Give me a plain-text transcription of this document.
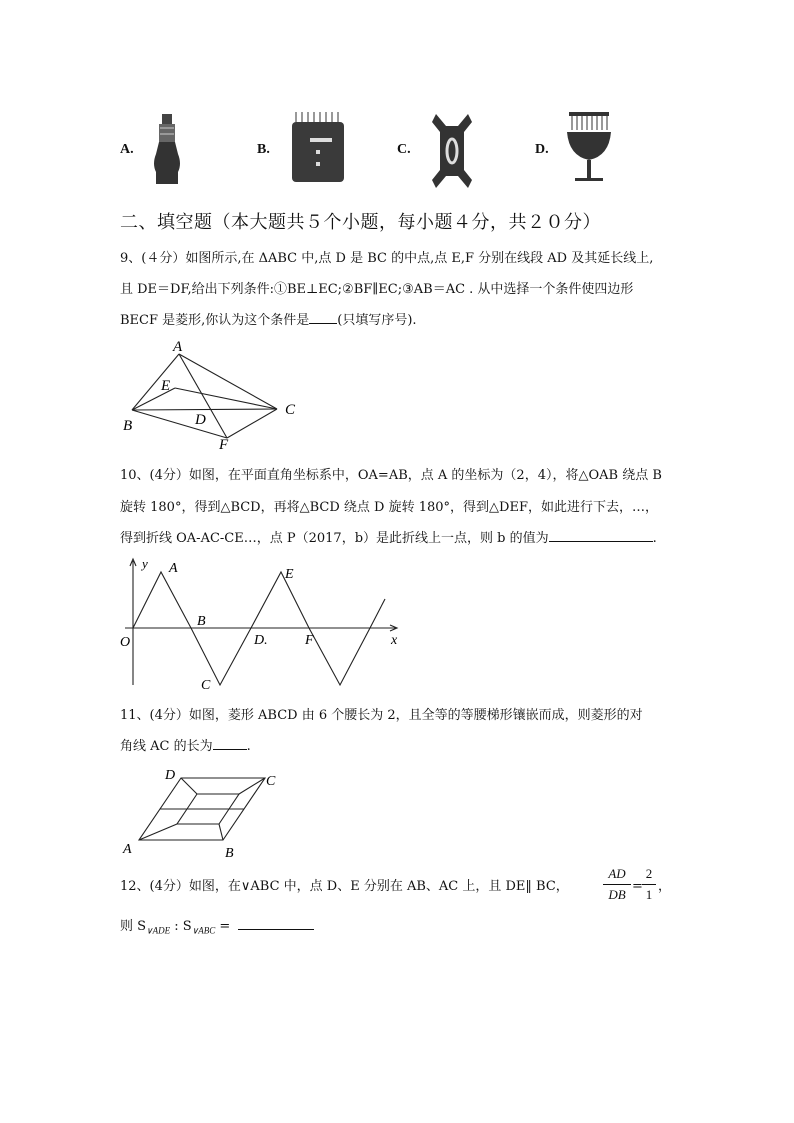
A.	B.	C.	D.
二、填空题（本大题共５个小题，每小题４分，共２０分）
9、(４分）如图所示,在 ΔABC 中,点 D 是 BC 的中点,点 E,F 分别在线段 AD 及其延长线上,
且 DE＝DF,给出下列条件:①BE⊥EC;②BF∥EC;③AB＝AC . 从中选择一个条件使四边形
BECF 是菱形,你认为这个条件是 (只填写序号).
A
E
C
B	D
F
10、(4分）如图，在平面直角坐标系中，OA=AB，点 A 的坐标为（2，4），将△OAB 绕点 B
旋转 180°，得到△BCD，再将△BCD 绕点 D 旋转 180°，得到△DEF，如此进行下去，…，
得到折线 OA-AC-CE…，点 P（2017，b）是此折线上一点，则 b 的值为	.
y A	E
O
B
D.	F	x
C
11、(4分）如图，菱形 ABCD 由 6 个腰长为 2，且全等的等腰梯形镶嵌而成，则菱形的对
角线 AC 的长为	.
D	C
A	B
12、(4分）如图，在∨ABC 中，点 D、E 分别在 AB、AC 上，且 DE‖ BC，	$\frac{AD}{DB} = \frac{2}{1}$ ，
则 $S_{\vee ADE}$ : $S_{\vee ABC}$ =
